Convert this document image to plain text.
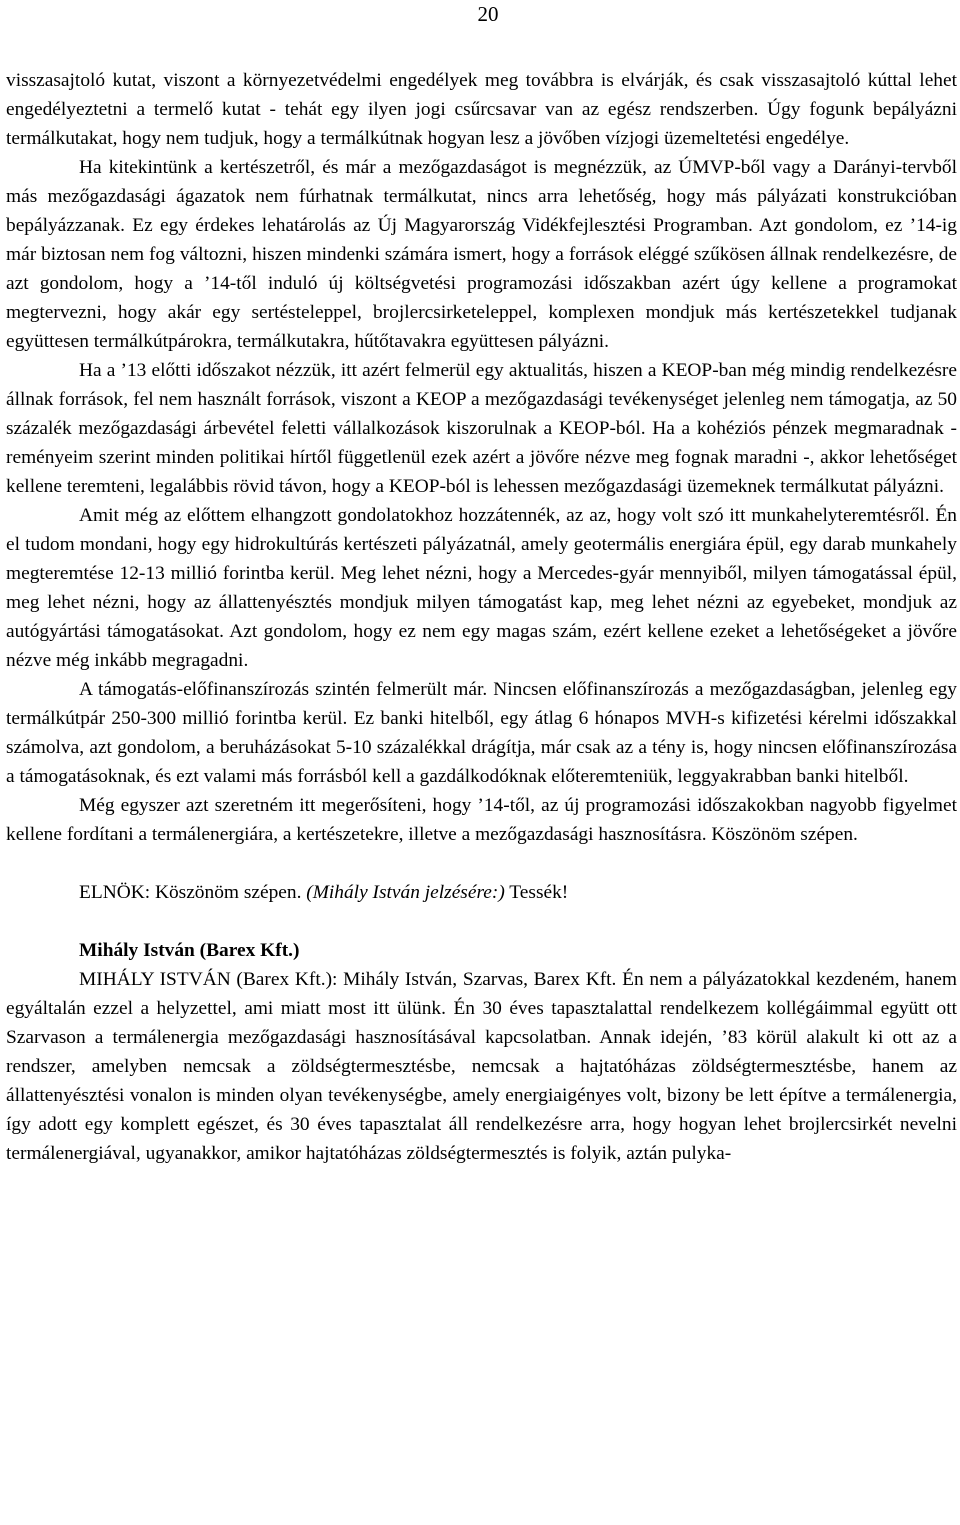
20

visszasajtoló kutat, viszont a környezetvédelmi engedélyek meg továbbra is elvárják, és csak visszasajtoló kúttal lehet engedélyeztetni a termelő kutat - tehát egy ilyen jogi csűrcsavar van az egész rendszerben. Úgy fogunk bepályázni termálkutakat, hogy nem tudjuk, hogy a termálkútnak hogyan lesz a jövőben vízjogi üzemeltetési engedélye.

Ha kitekintünk a kertészetről, és már a mezőgazdaságot is megnézzük, az ÚMVP-ből vagy a Darányi-tervből más mezőgazdasági ágazatok nem fúrhatnak termálkutat, nincs arra lehetőség, hogy más pályázati konstrukcióban bepályázzanak. Ez egy érdekes lehatárolás az Új Magyarország Vidékfejlesztési Programban. Azt gondolom, ez ’14-ig már biztosan nem fog változni, hiszen mindenki számára ismert, hogy a források eléggé szűkösen állnak rendelkezésre, de azt gondolom, hogy a ’14-től induló új költségvetési programozási időszakban azért úgy kellene a programokat megtervezni, hogy akár egy sertésteleppel, brojlercsirketeleppel, komplexen mondjuk más kertészetekkel tudjanak együttesen termálkútpárokra, termálkutakra, hűtőtavakra együttesen pályázni.

Ha a ’13 előtti időszakot nézzük, itt azért felmerül egy aktualitás, hiszen a KEOP-ban még mindig rendelkezésre állnak források, fel nem használt források, viszont a KEOP a mezőgazdasági tevékenységet jelenleg nem támogatja, az 50 százalék mezőgazdasági árbevétel feletti vállalkozások kiszorulnak a KEOP-ból. Ha a kohéziós pénzek megmaradnak - reményeim szerint minden politikai hírtől függetlenül ezek azért a jövőre nézve meg fognak maradni -, akkor lehetőséget kellene teremteni, legalábbis rövid távon, hogy a KEOP-ból is lehessen mezőgazdasági üzemeknek termálkutat pályázni.

Amit még az előttem elhangzott gondolatokhoz hozzátennék, az az, hogy volt szó itt munkahelyteremtésről. Én el tudom mondani, hogy egy hidrokultúrás kertészeti pályázatnál, amely geotermális energiára épül, egy darab munkahely megteremtése 12-13 millió forintba kerül. Meg lehet nézni, hogy a Mercedes-gyár mennyiből, milyen támogatással épül, meg lehet nézni, hogy az állattenyésztés mondjuk milyen támogatást kap, meg lehet nézni az egyebeket, mondjuk az autógyártási támogatásokat. Azt gondolom, hogy ez nem egy magas szám, ezért kellene ezeket a lehetőségeket a jövőre nézve még inkább megragadni.

A támogatás-előfinanszírozás szintén felmerült már. Nincsen előfinanszírozás a mezőgazdaságban, jelenleg egy termálkútpár 250-300 millió forintba kerül. Ez banki hitelből, egy átlag 6 hónapos MVH-s kifizetési kérelmi időszakkal számolva, azt gondolom, a beruházásokat 5-10 százalékkal drágítja, már csak az a tény is, hogy nincsen előfinanszírozása a támogatásoknak, és ezt valami más forrásból kell a gazdálkodóknak előteremteniük, leggyakrabban banki hitelből.

Még egyszer azt szeretném itt megerősíteni, hogy ’14-től, az új programozási időszakokban nagyobb figyelmet kellene fordítani a termálenergiára, a kertészetekre, illetve a mezőgazdasági hasznosításra. Köszönöm szépen.

ELNÖK: Köszönöm szépen. (Mihály István jelzésére:) Tessék!

Mihály István (Barex Kft.)

MIHÁLY ISTVÁN (Barex Kft.): Mihály István, Szarvas, Barex Kft. Én nem a pályázatokkal kezdeném, hanem egyáltalán ezzel a helyzettel, ami miatt most itt ülünk. Én 30 éves tapasztalattal rendelkezem kollégáimmal együtt ott Szarvason a termálenergia mezőgazdasági hasznosításával kapcsolatban. Annak idején, ’83 körül alakult ki ott az a rendszer, amelyben nemcsak a zöldségtermesztésbe, nemcsak a hajtatóházas zöldségtermesztésbe, hanem az állattenyésztési vonalon is minden olyan tevékenységbe, amely energiaigényes volt, bizony be lett építve a termálenergia, így adott egy komplett egészet, és 30 éves tapasztalat áll rendelkezésre arra, hogy hogyan lehet brojlercsirkét nevelni termálenergiával, ugyanakkor, amikor hajtatóházas zöldségtermesztés is folyik, aztán pulyka-
